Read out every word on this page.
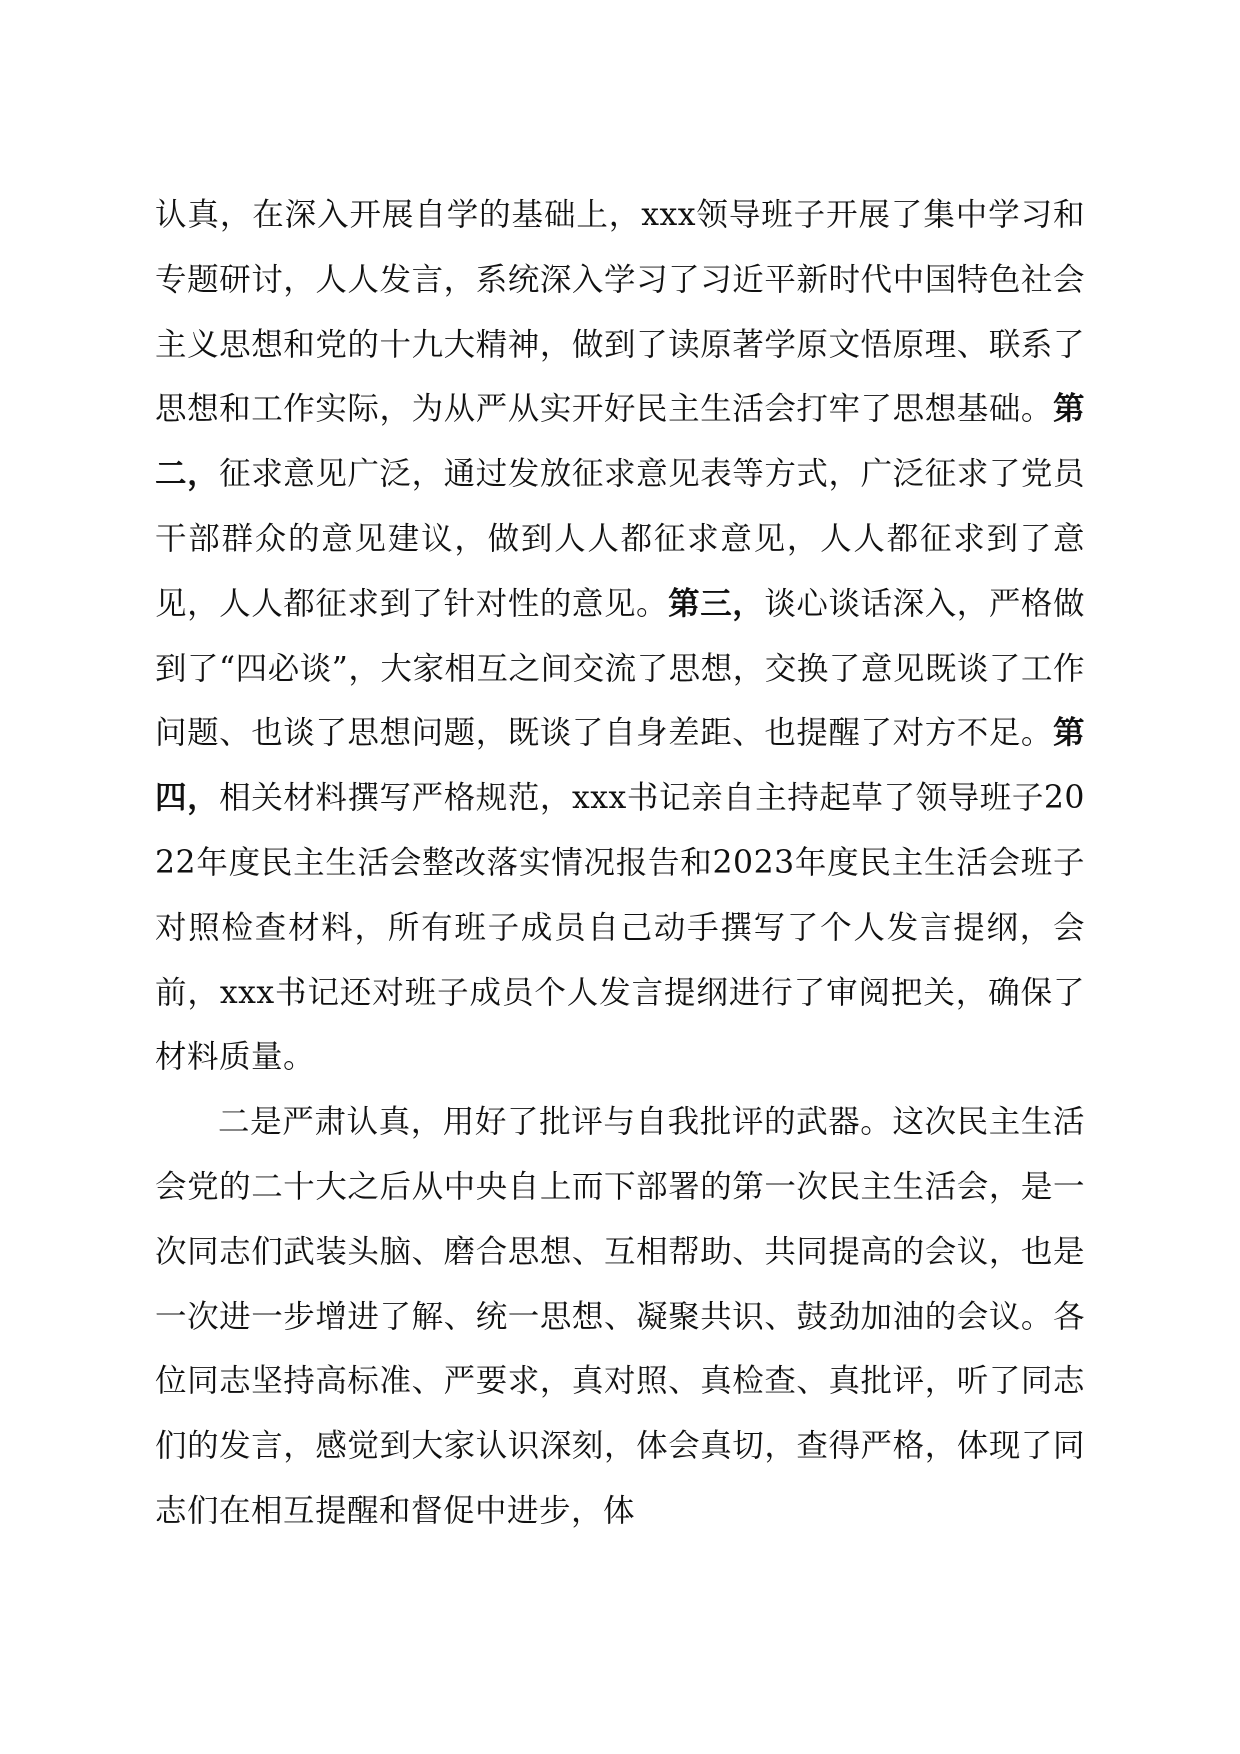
认真，在深入开展自学的基础上，xxx领导班子开展了集中学习和专题研讨，人人发言，系统深入学习了习近平新时代中国特色社会主义思想和党的十九大精神，做到了读原著学原文悟原理、联系了思想和工作实际，为从严从实开好民主生活会打牢了思想基础。第二，征求意见广泛，通过发放征求意见表等方式，广泛征求了党员干部群众的意见建议，做到人人都征求意见，人人都征求到了意见，人人都征求到了针对性的意见。第三，谈心谈话深入，严格做到了“四必谈”，大家相互之间交流了思想，交换了意见既谈了工作问题、也谈了思想问题，既谈了自身差距、也提醒了对方不足。第四，相关材料撰写严格规范，xxx书记亲自主持起草了领导班子2022年度民主生活会整改落实情况报告和2023年度民主生活会班子对照检查材料，所有班子成员自己动手撰写了个人发言提纲，会前，xxx书记还对班子成员个人发言提纲进行了审阅把关，确保了材料质量。

二是严肃认真，用好了批评与自我批评的武器。这次民主生活会党的二十大之后从中央自上而下部署的第一次民主生活会，是一次同志们武装头脑、磨合思想、互相帮助、共同提高的会议，也是一次进一步增进了解、统一思想、凝聚共识、鼓劲加油的会议。各位同志坚持高标准、严要求，真对照、真检查、真批评，听了同志们的发言，感觉到大家认识深刻，体会真切，查得严格，体现了同志们在相互提醒和督促中进步，体
